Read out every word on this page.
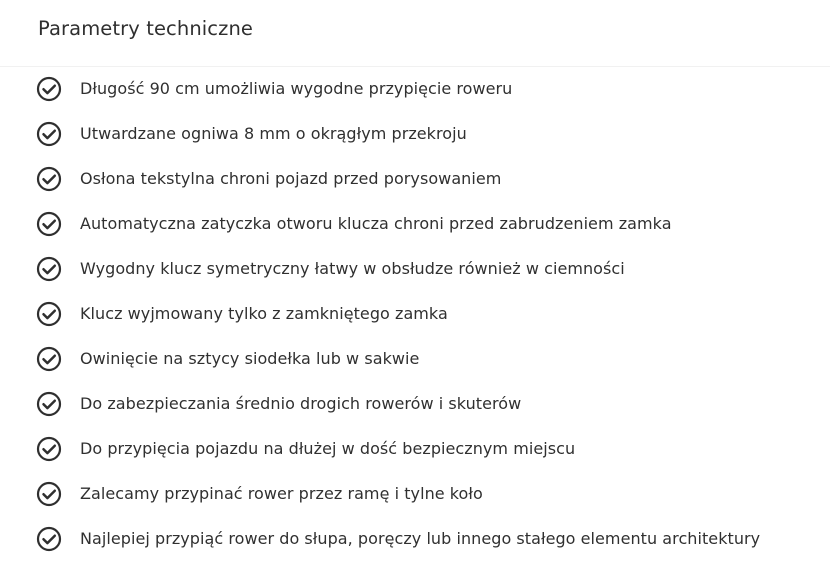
Parametry techniczne
Długość 90 cm umożliwia wygodne przypięcie roweru
Utwardzane ogniwa 8 mm o okrągłym przekroju
Osłona tekstylna chroni pojazd przed porysowaniem
Automatyczna zatyczka otworu klucza chroni przed zabrudzeniem zamka
Wygodny klucz symetryczny łatwy w obsłudze również w ciemności
Klucz wyjmowany tylko z zamkniętego zamka
Owinięcie na sztycy siodełka lub w sakwie
Do zabezpieczania średnio drogich rowerów i skuterów
Do przypięcia pojazdu na dłużej w dość bezpiecznym miejscu
Zalecamy przypinać rower przez ramę i tylne koło
Najlepiej przypiąć rower do słupa, poręczy lub innego stałego elementu architektury
